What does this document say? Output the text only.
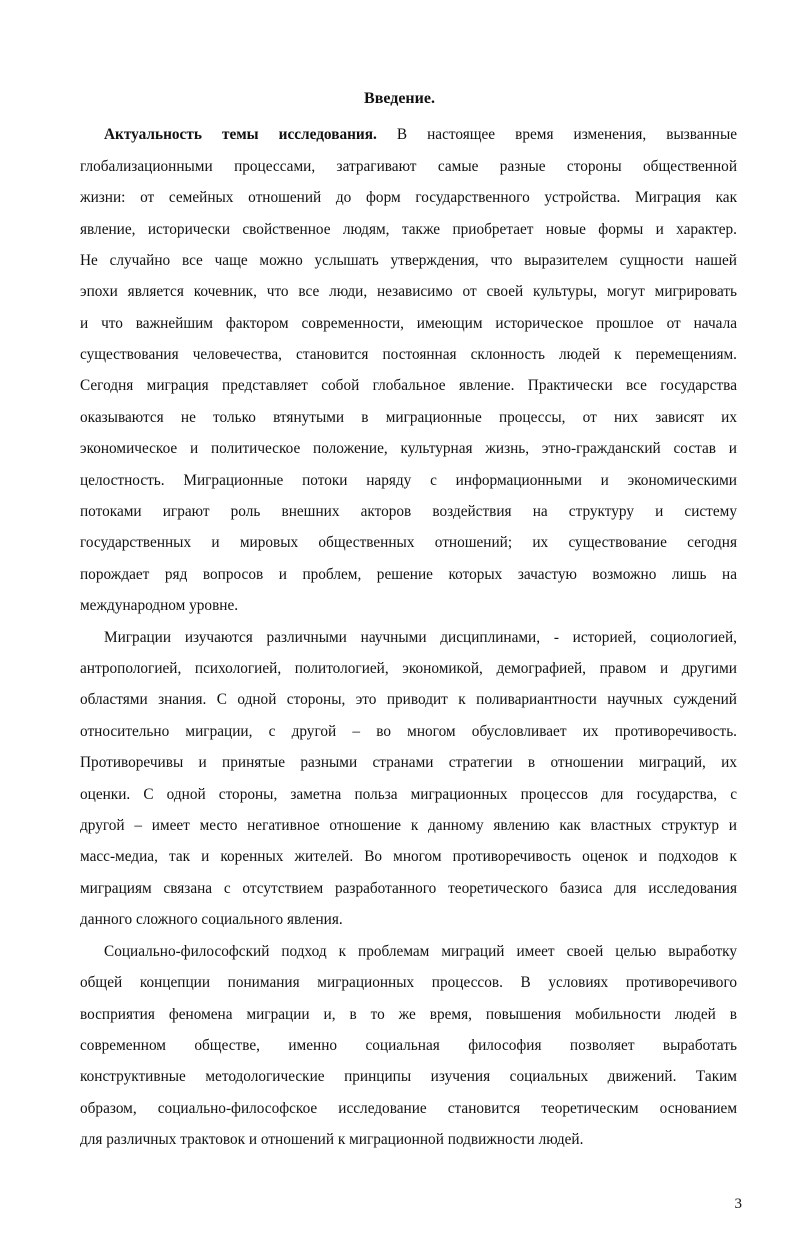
Введение.
Актуальность темы исследования. В настоящее время изменения, вызванные
глобализационными процессами, затрагивают самые разные стороны общественной
жизни: от семейных отношений до форм государственного устройства. Миграция как
явление, исторически свойственное людям, также приобретает новые формы и характер.
Не случайно все чаще можно услышать утверждения, что выразителем сущности нашей
эпохи является кочевник, что все люди, независимо от своей культуры, могут мигрировать
и что важнейшим фактором современности, имеющим историческое прошлое от начала
существования человечества, становится постоянная склонность людей к перемещениям.
Сегодня миграция представляет собой глобальное явление. Практически все государства
оказываются не только втянутыми в миграционные процессы, от них зависят их
экономическое и политическое положение, культурная жизнь, этно-гражданский состав и
целостность. Миграционные потоки наряду с информационными и экономическими
потоками играют роль внешних акторов воздействия на структуру и систему
государственных и мировых общественных отношений; их существование сегодня
порождает ряд вопросов и проблем, решение которых зачастую возможно лишь на
международном уровне.
Миграции изучаются различными научными дисциплинами, - историей, социологией,
антропологией, психологией, политологией, экономикой, демографией, правом и другими
областями знания. С одной стороны, это приводит к поливариантности научных суждений
относительно миграции, с другой – во многом обусловливает их противоречивость.
Противоречивы и принятые разными странами стратегии в отношении миграций, их
оценки. С одной стороны, заметна польза миграционных процессов для государства, с
другой – имеет место негативное отношение к данному явлению как властных структур и
масс-медиа, так и коренных жителей. Во многом противоречивость оценок и подходов к
миграциям связана с отсутствием разработанного теоретического базиса для исследования
данного сложного социального явления.
Социально-философский подход к проблемам миграций имеет своей целью выработку
общей концепции понимания миграционных процессов. В условиях противоречивого
восприятия феномена миграции и, в то же время, повышения мобильности людей в
современном обществе, именно социальная философия позволяет выработать
конструктивные методологические принципы изучения социальных движений. Таким
образом, социально-философское исследование становится теоретическим основанием
для различных трактовок и отношений к миграционной подвижности людей.
3
